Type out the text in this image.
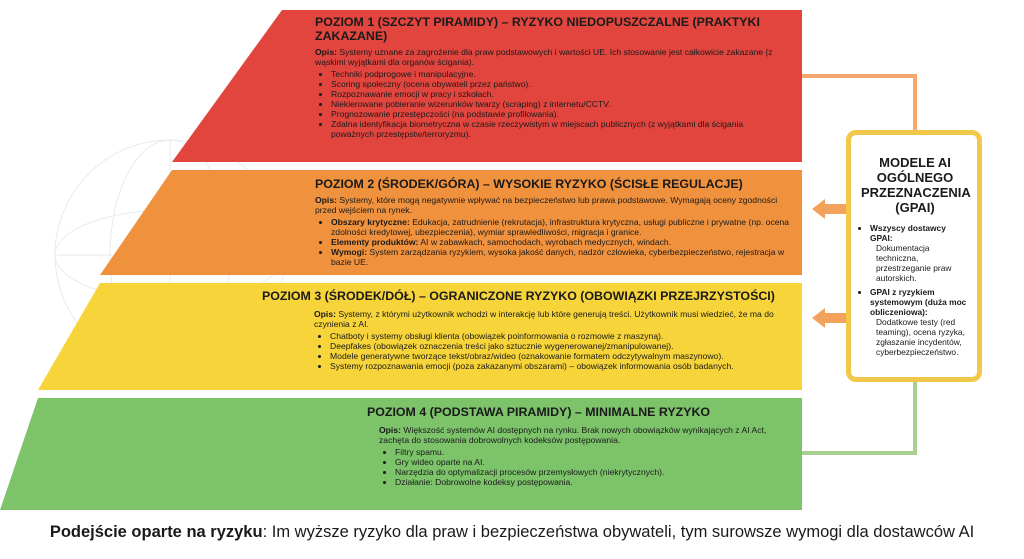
POZIOM 1 (SZCZYT PIRAMIDY) – RYZYKO NIEDOPUSZCZALNE (PRAKTYKI ZAKAZANE)

Opis: Systemy uznane za zagrożenie dla praw podstawowych i wartości UE. Ich stosowanie jest całkowicie zakazane (z wąskimi wyjątkami dla organów ścigania).

• Techniki podprogowe i manipulacyjne.
• Scoring społeczny (ocena obywateli przez państwo).
• Rozpoznawanie emocji w pracy i szkołach.
• Niekierowane pobieranie wizerunków twarzy (scraping) z internetu/CCTV.
• Prognozowanie przestępczości (na podstawie profilowania).
• Zdalna identyfikacja biometryczna w czasie rzeczywistym w miejscach publicznych (z wyjątkami dla ścigania poważnych przestępstw/terroryzmu).
POZIOM 2 (ŚRODEK/GÓRA) – WYSOKIE RYZYKO (ŚCISŁE REGULACJE)

Opis: Systemy, które mogą negatywnie wpływać na bezpieczeństwo lub prawa podstawowe. Wymagają oceny zgodności przed wejściem na rynek.

• Obszary krytyczne: Edukacja, zatrudnienie (rekrutacja), infrastruktura krytyczna, usługi publiczne i prywatne (np. ocena zdolności kredytowej, ubezpieczenia), wymiar sprawiedliwości, migracja i granice.
• Elementy produktów: AI w zabawkach, samochodach, wyrobach medycznych, windach.
• Wymogi: System zarządzania ryzykiem, wysoka jakość danych, nadzór człowieka, cyberbezpieczeństwo, rejestracja w bazie UE.
POZIOM 3 (ŚRODEK/DÓŁ) – OGRANICZONE RYZYKO (OBOWIĄZKI PRZEJRZYSTOŚCI)

Opis: Systemy, z którymi użytkownik wchodzi w interakcję lub które generują treści. Użytkownik musi wiedzieć, że ma do czynienia z AI.

• Chatboty i systemy obsługi klienta (obowiązek poinformowania o rozmowie z maszyną).
• Deepfakes (obowiązek oznaczenia treści jako sztucznie wygenerowanej/zmanipulowanej).
• Modele generatywne tworzące tekst/obraz/wideo (oznakowanie formatem odczytywalnym maszynowo).
• Systemy rozpoznawania emocji (poza zakazanymi obszarami) – obowiązek informowania osób badanych.
POZIOM 4 (PODSTAWA PIRAMIDY) – MINIMALNE RYZYKO

Opis: Większość systemów AI dostępnych na rynku. Brak nowych obowiązków wynikających z AI Act, zachęta do stosowania dobrowolnych kodeksów postępowania.

• Filtry spamu.
• Gry wideo oparte na AI.
• Narzędzia do optymalizacji procesów przemysłowych (niekrytycznych).
• Działanie: Dobrowolne kodeksy postępowania.
MODELE AI OGÓLNEGO PRZEZNACZENIA (GPAI)
• Wszyscy dostawcy GPAI:
Dokumentacja techniczna, przestrzeganie praw autorskich.
• GPAI z ryzykiem systemowym (duża moc obliczeniowa):
Dodatkowe testy (red teaming), ocena ryzyka, zgłaszanie incydentów, cyberbezpieczeństwo.
Podejście oparte na ryzyku: Im wyższe ryzyko dla praw i bezpieczeństwa obywateli, tym surowsze wymogi dla dostawców AI
